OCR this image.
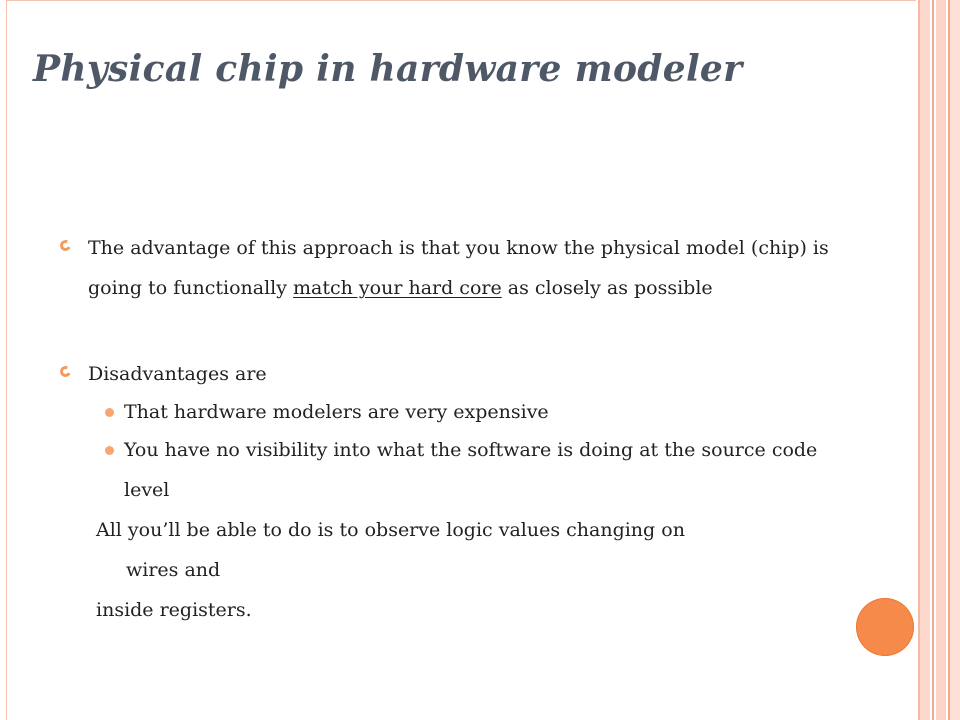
Physical chip in hardware modeler
The advantage of this approach is that you know the physical model (chip) is going to functionally match your hard core as closely as possible
Disadvantages are
That hardware modelers are very expensive
You have no visibility into what the software is doing at the source code level
All you’ll be able to do is to observe logic values changing on
wires and
inside registers.
